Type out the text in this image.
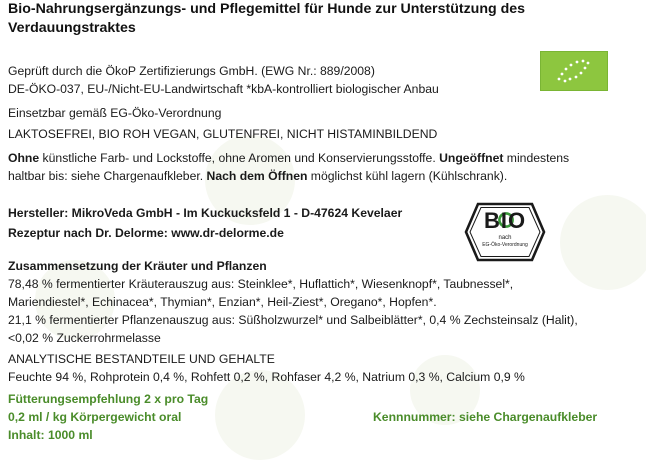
Bio-Nahrungsergänzungs- und Pflegemittel für Hunde zur Unterstützung des
Verdauungstraktes
Geprüft durch die ÖkoP Zertifizierungs GmbH. (EWG Nr.: 889/2008)
DE-ÖKO-037, EU-/Nicht-EU-Landwirtschaft *kbA-kontrolliert biologischer Anbau
Einsetzbar gemäß EG-Öko-Verordnung
LAKTOSEFREI, BIO ROH VEGAN, GLUTENFREI, NICHT HISTAMINBILDEND
Ohne künstliche Farb- und Lockstoffe, ohne Aromen und Konservierungsstoffe. Ungeöffnet mindestens
haltbar bis: siehe Chargenaufkleber. Nach dem Öffnen möglichst kühl lagern (Kühlschrank).
Hersteller: MikroVeda GmbH - Im Kuckucksfeld 1 - D-47624 Kevelaer
Rezeptur nach Dr. Delorme: www.dr-delorme.de
Zusammensetzung der Kräuter und Pflanzen
78,48 % fermentierter Kräuterauszug aus: Steinklee*, Huflattich*, Wiesenknopf*, Taubnessel*,
Mariendiestel*, Echinacea*, Thymian*, Enzian*, Heil-Ziest*, Oregano*, Hopfen*.
21,1 % fermentierter Pflanzenauszug aus: Süßholzwurzel* und Salbeiblätter*, 0,4 % Zechsteinsalz (Halit),
<0,02 % Zuckerrohrmelasse
ANALYTISCHE BESTANDTEILE UND GEHALTE
Feuchte 94 %, Rohprotein 0,4 %, Rohfett 0,2 %, Rohfaser 4,2 %, Natrium 0,3 %, Calcium 0,9 %
Fütterungsempfehlung 2 x pro Tag
0,2 ml / kg Körpergewicht oral
Inhalt: 1000 ml
Kennnummer: siehe Chargenaufkleber
BIO
nach
EG-Öko-Verordnung
